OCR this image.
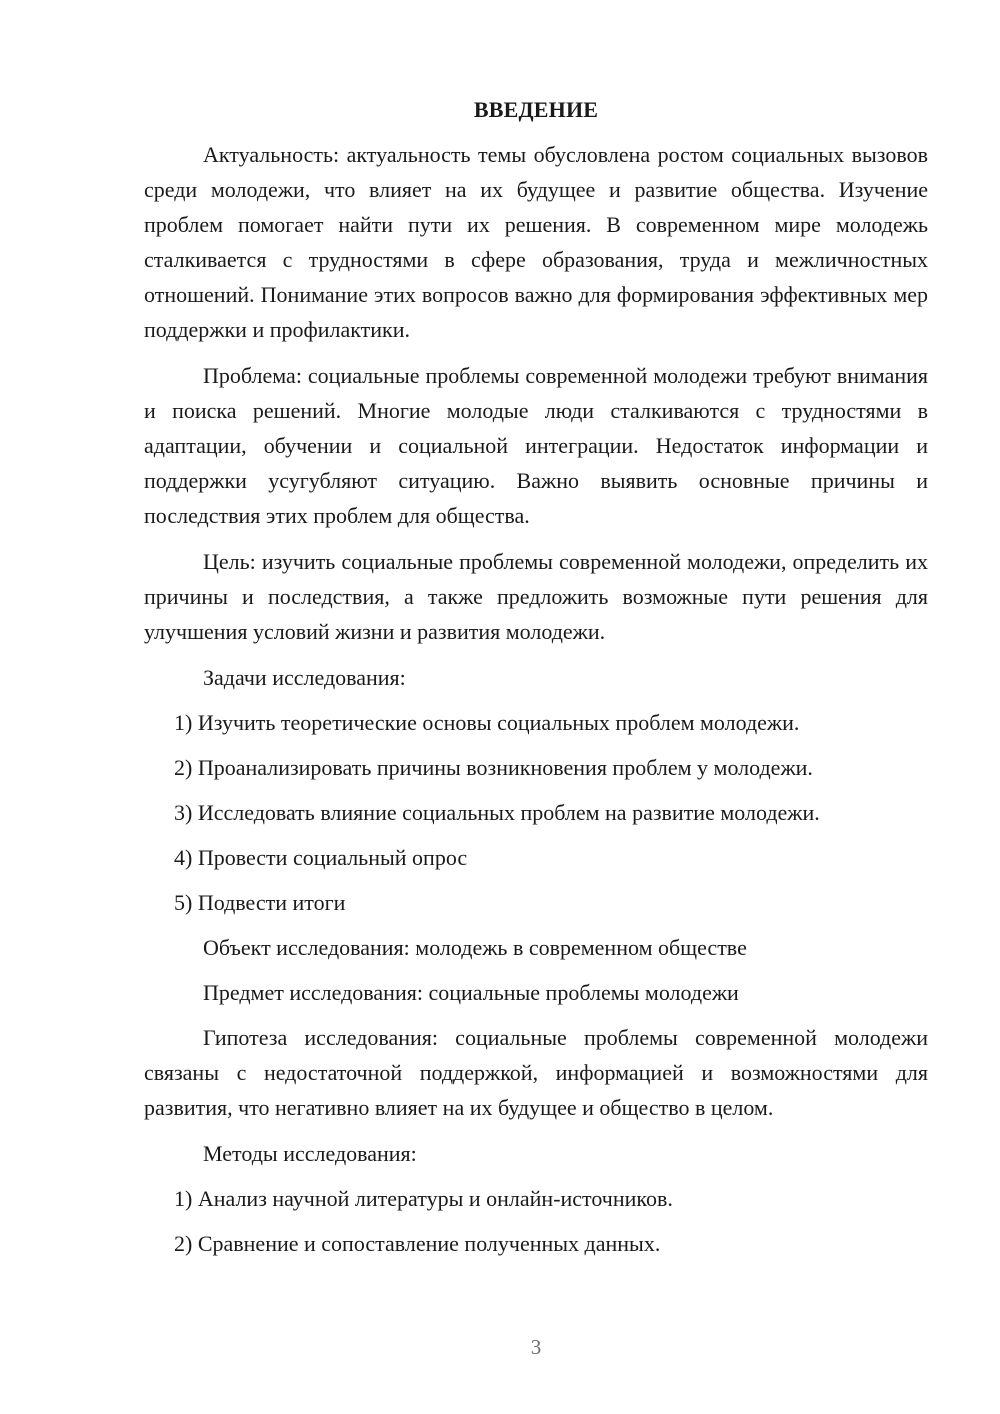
ВВЕДЕНИЕ

Актуальность: актуальность темы обусловлена ростом социальных вызовов среди молодежи, что влияет на их будущее и развитие общества. Изучение проблем помогает найти пути их решения. В современном мире молодежь сталкивается с трудностями в сфере образования, труда и межличностных отношений. Понимание этих вопросов важно для формирования эффективных мер поддержки и профилактики.

Проблема: социальные проблемы современной молодежи требуют внимания и поиска решений. Многие молодые люди сталкиваются с трудностями в адаптации, обучении и социальной интеграции. Недостаток информации и поддержки усугубляют ситуацию. Важно выявить основные причины и последствия этих проблем для общества.

Цель: изучить социальные проблемы современной молодежи, определить их причины и последствия, а также предложить возможные пути решения для улучшения условий жизни и развития молодежи.

Задачи исследования:
1) Изучить теоретические основы социальных проблем молодежи.
2) Проанализировать причины возникновения проблем у молодежи.
3) Исследовать влияние социальных проблем на развитие молодежи.
4) Провести социальный опрос
5) Подвести итоги
Объект исследования: молодежь в современном обществе
Предмет исследования: социальные проблемы молодежи

Гипотеза исследования: социальные проблемы современной молодежи связаны с недостаточной поддержкой, информацией и возможностями для развития, что негативно влияет на их будущее и общество в целом.

Методы исследования:
1) Анализ научной литературы и онлайн-источников.
2) Сравнение и сопоставление полученных данных.
3
